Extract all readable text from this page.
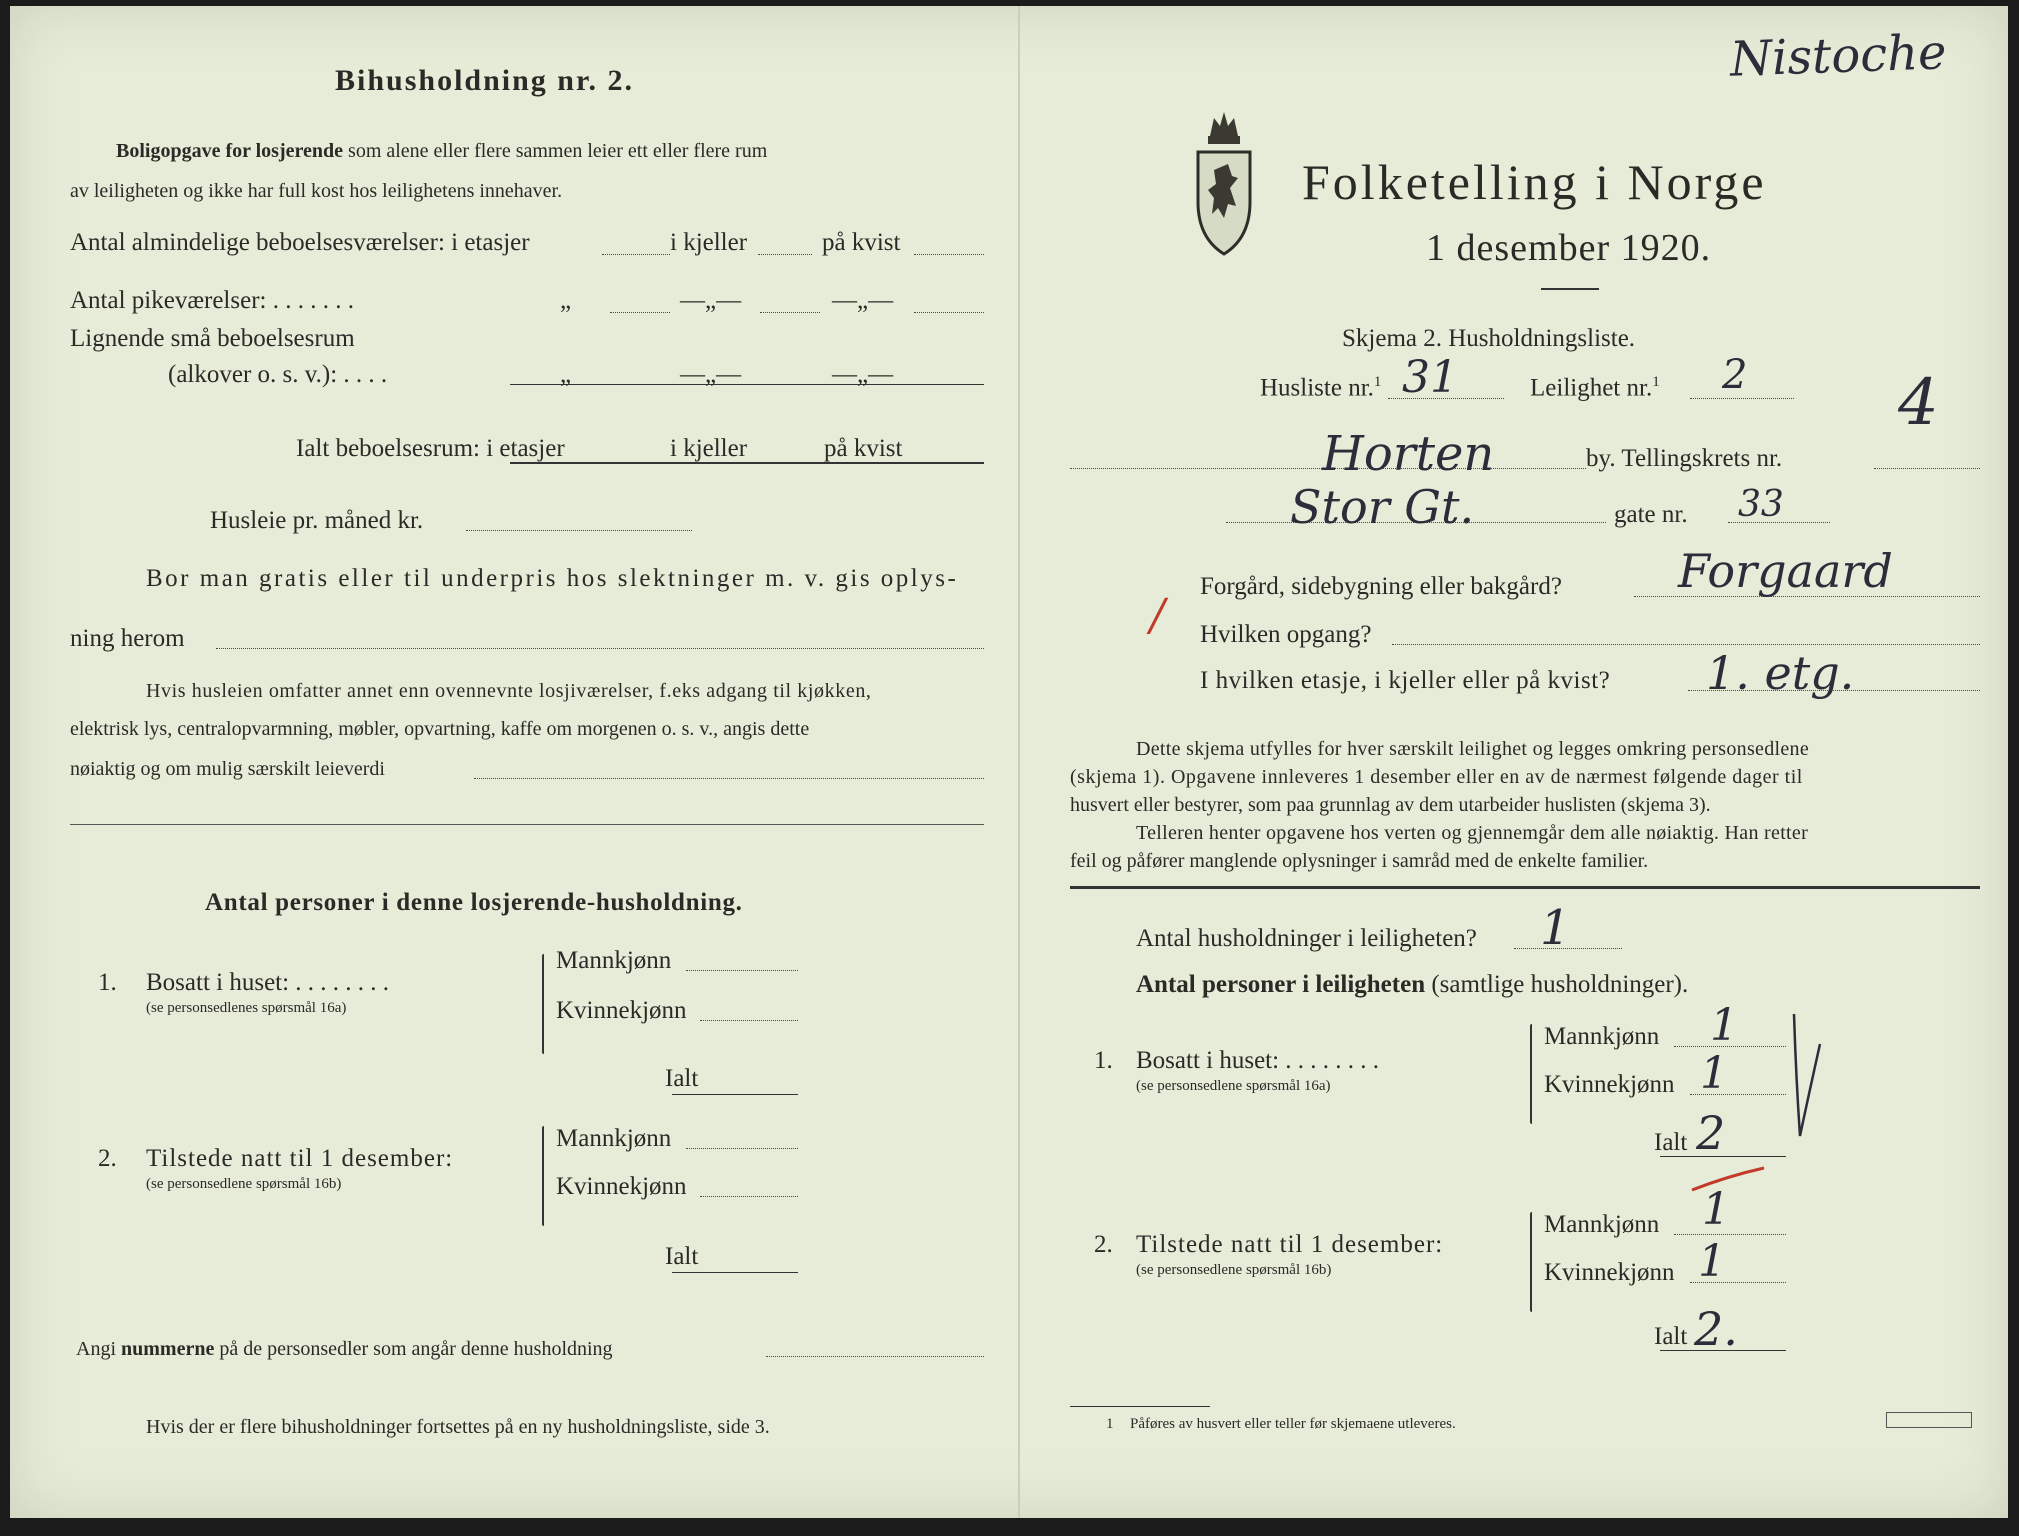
Bihusholdning nr. 2.
Boligopgave for losjerende som alene eller flere sammen leier ett eller flere rum
av leiligheten og ikke har full kost hos leilighetens innehaver.
Antal almindelige beboelsesværelser: i etasjer	i kjeller	på kvist
Antal pikeværelser: . . . . . . .	„	—„—	—„—
Lignende små beboelsesrum
(alkover o. s. v.): . . . .	„	—„—	—„—
Ialt beboelsesrum: i etasjer	i kjeller	på kvist
Husleie pr. måned kr.
Bor man gratis eller til underpris hos slektninger m. v. gis oplys-
ning herom
Hvis husleien omfatter annet enn ovennevnte losjiværelser, f.eks adgang til kjøkken,
elektrisk lys, centralopvarmning, møbler, opvartning, kaffe om morgenen o. s. v., angis dette
nøiaktig og om mulig særskilt leieverdi
Antal personer i denne losjerende-husholdning.
1. Bosatt i huset: . . . . . . . .
(se personsedlenes spørsmål 16a)
Mannkjønn
Kvinnekjønn
Ialt
2. Tilstede natt til 1 desember:
(se personsedlene spørsmål 16b)
Mannkjønn
Kvinnekjønn
Ialt
Angi nummerne på de personsedler som angår denne husholdning
Hvis der er flere bihusholdninger fortsettes på en ny husholdningsliste, side 3.
Nistoche
Folketelling i Norge
1 desember 1920.
Skjema 2. Husholdningsliste.
Husliste nr.$^1$ 31	Leilighet nr.$^1$ 2
Horten	by. Tellingskrets nr.
4
Stor Gt.	gate nr. 33
/
Forgård, sidebygning eller bakgård?	Forgaard
Hvilken opgang?
I hvilken etasje, i kjeller eller på kvist? 1. etg.
Dette skjema utfylles for hver særskilt leilighet og legges omkring personsedlene
(skjema 1). Opgavene innleveres 1 desember eller en av de nærmest følgende dager til
husvert eller bestyrer, som paa grunnlag av dem utarbeider huslisten (skjema 3).
Telleren henter opgavene hos verten og gjennemgår dem alle nøiaktig. Han retter
feil og påfører manglende oplysninger i samråd med de enkelte familier.
Antal husholdninger i leiligheten? 1
Antal personer i leiligheten (samtlige husholdninger).
1. Bosatt i huset: . . . . . . . .
(se personsedlene spørsmål 16a)
Mannkjønn 1
Kvinnekjønn 1
Ialt 2
2. Tilstede natt til 1 desember:
(se personsedlene spørsmål 16b)
Mannkjønn 1
Kvinnekjønn 1
Ialt 2.
1 Påføres av husvert eller teller før skjemaene utleveres.
